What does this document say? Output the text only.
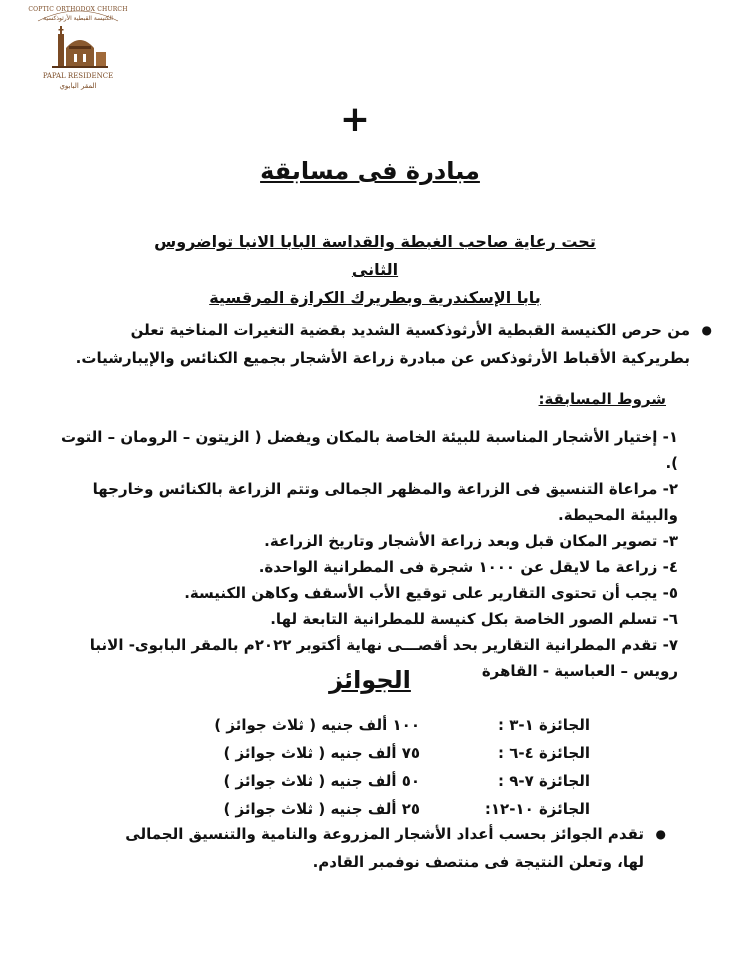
COPTIC ORTHODOX CHURCH
الكنيسة القبطية الأرثوذكسية
PAPAL RESIDENCE
المقر البابوي
+
مبادرة فى مسابقة
تحت رعاية صاحب الغبطة والقداسة البابا الانبا تواضروس الثانى
بابا الإسكندرية وبطريرك الكرازة المرقسية
●
من حرص الكنيسة القبطية الأرثوذكسية الشديد بقضية التغيرات المناخية تعلن بطريركية الأقباط الأرثوذكس عن مبادرة زراعة الأشجار بجميع الكنائس والإيبارشيات.
شروط المسابقة:
١- إختيار الأشجار المناسبة للبيئة الخاصة بالمكان ويفضل ( الزيتون – الرومان – التوت ).
٢- مراعاة التنسيق فى الزراعة والمظهر الجمالى وتتم الزراعة بالكنائس وخارجها والبيئة المحيطة.
٣- تصوير المكان قبل وبعد زراعة الأشجار وتاريخ الزراعة.
٤- زراعة ما لايقل عن ١٠٠٠ شجرة فى المطرانية الواحدة.
٥- يجب أن تحتوى التقارير على توقيع الأب الأسقف وكاهن الكنيسة.
٦- تسلم الصور الخاصة بكل كنيسة للمطرانية التابعة لها.
٧- تقدم المطرانية التقارير بحد أقصـــى نهاية أكتوبر ٢٠٢٢م بالمقر البابوى- الانبا رويس – العباسية - القاهرة
الجوائز
الجائزة ١-٣ :
١٠٠ ألف جنيه ( ثلاث جوائز )
الجائزة ٤-٦ :
٧٥ ألف جنيه ( ثلاث جوائز )
الجائزة ٧-٩ :
٥٠ ألف جنيه ( ثلاث جوائز )
الجائزة ١٠-١٢:
٢٥ ألف جنيه ( ثلاث جوائز )
●
تقدم الجوائز بحسب أعداد الأشجار المزروعة والنامية والتنسيق الجمالى لها، وتعلن النتيجة فى منتصف نوفمبر القادم.
